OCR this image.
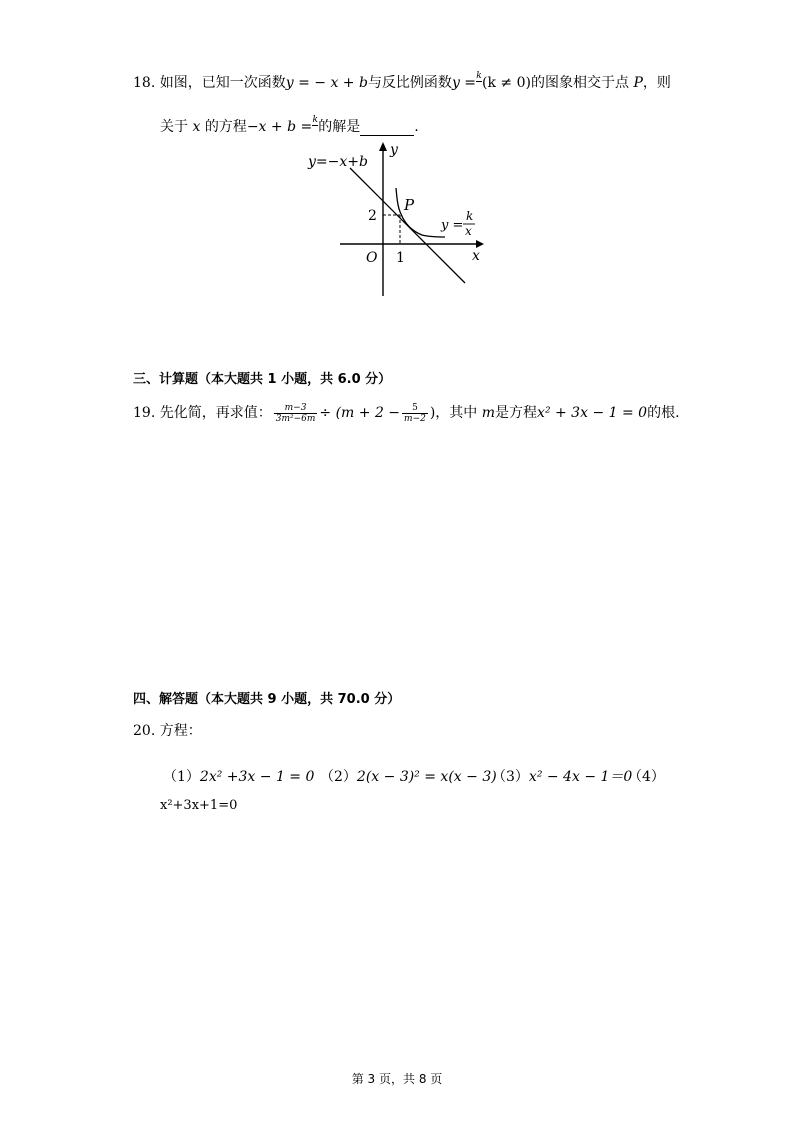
18. 如图，已知一次函数y = − x + b与反比例函数y = k (k ≠ 0)的图象相交于点 P，则
关于 x 的方程−x + b = k 的解是	.
y=−x+b
y
x
O
P
2
1
y =
k
x
三、计算题（本大题共 1 小题，共 6.0 分）
19. 先化简，再求值： $\frac{m-3}{\text{3m²−6m}} \div (m + 2 - \frac{5}{m-2}$ )，其中 m是方程x² + 3x − 1 = 0的根.
四、解答题（本大题共 9 小题，共 70.0 分）
20. 方程：
（1）2x² +3x − 1 = 0 （2）2(x − 3)² = x(x − 3)
（3）x² − 4x − 1＝0
（4）
x²+3x+1=0
第 3 页，共 8 页
